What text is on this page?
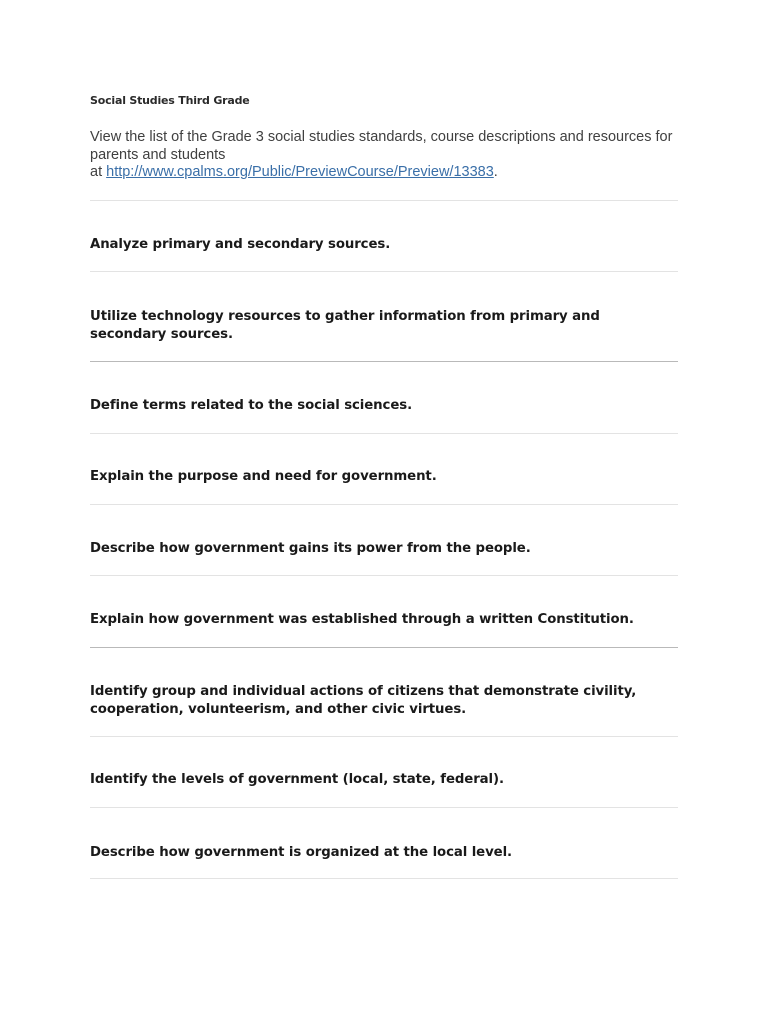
Social Studies Third Grade
View the list of the Grade 3 social studies standards, course descriptions and resources for parents and students
at http://www.cpalms.org/Public/PreviewCourse/Preview/13383.
Analyze primary and secondary sources.
Utilize technology resources to gather information from primary and secondary sources.
Define terms related to the social sciences.
Explain the purpose and need for government.
Describe how government gains its power from the people.
Explain how government was established through a written Constitution.
Identify group and individual actions of citizens that demonstrate civility, cooperation, volunteerism, and other civic virtues.
Identify the levels of government (local, state, federal).
Describe how government is organized at the local level.
